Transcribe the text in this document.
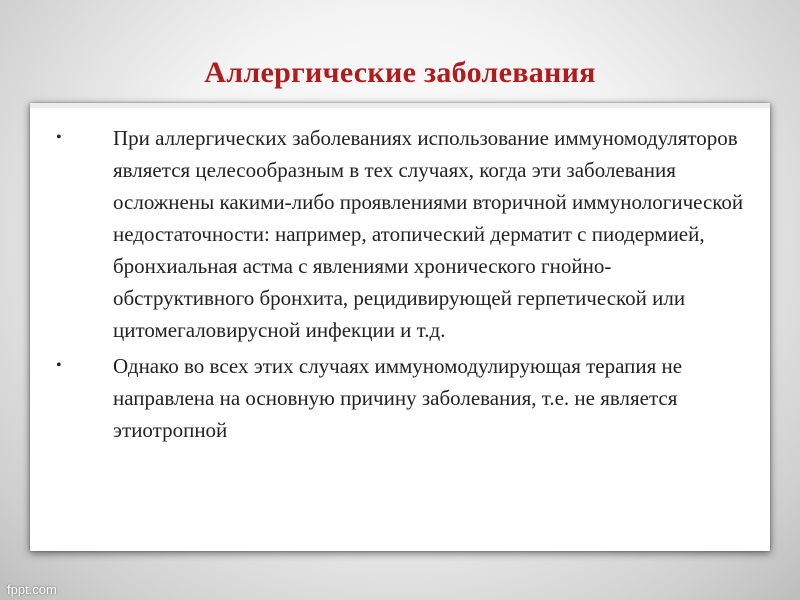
Аллергические заболевания
•	При аллергических заболеваниях использование иммуномодуляторов является целесообразным в тех случаях, когда эти заболевания осложнены какими-либо проявлениями вторичной иммунологической недостаточности: например, атопический дерматит с пиодермией, бронхиальная астма с явлениями хронического гнойно-обструктивного бронхита, рецидивирующей герпетической или цитомегаловирусной инфекции и т.д.
•	Однако во всех этих случаях иммуномодулирующая терапия не направлена на основную причину заболевания, т.е. не является этиотропной
fppt.com
